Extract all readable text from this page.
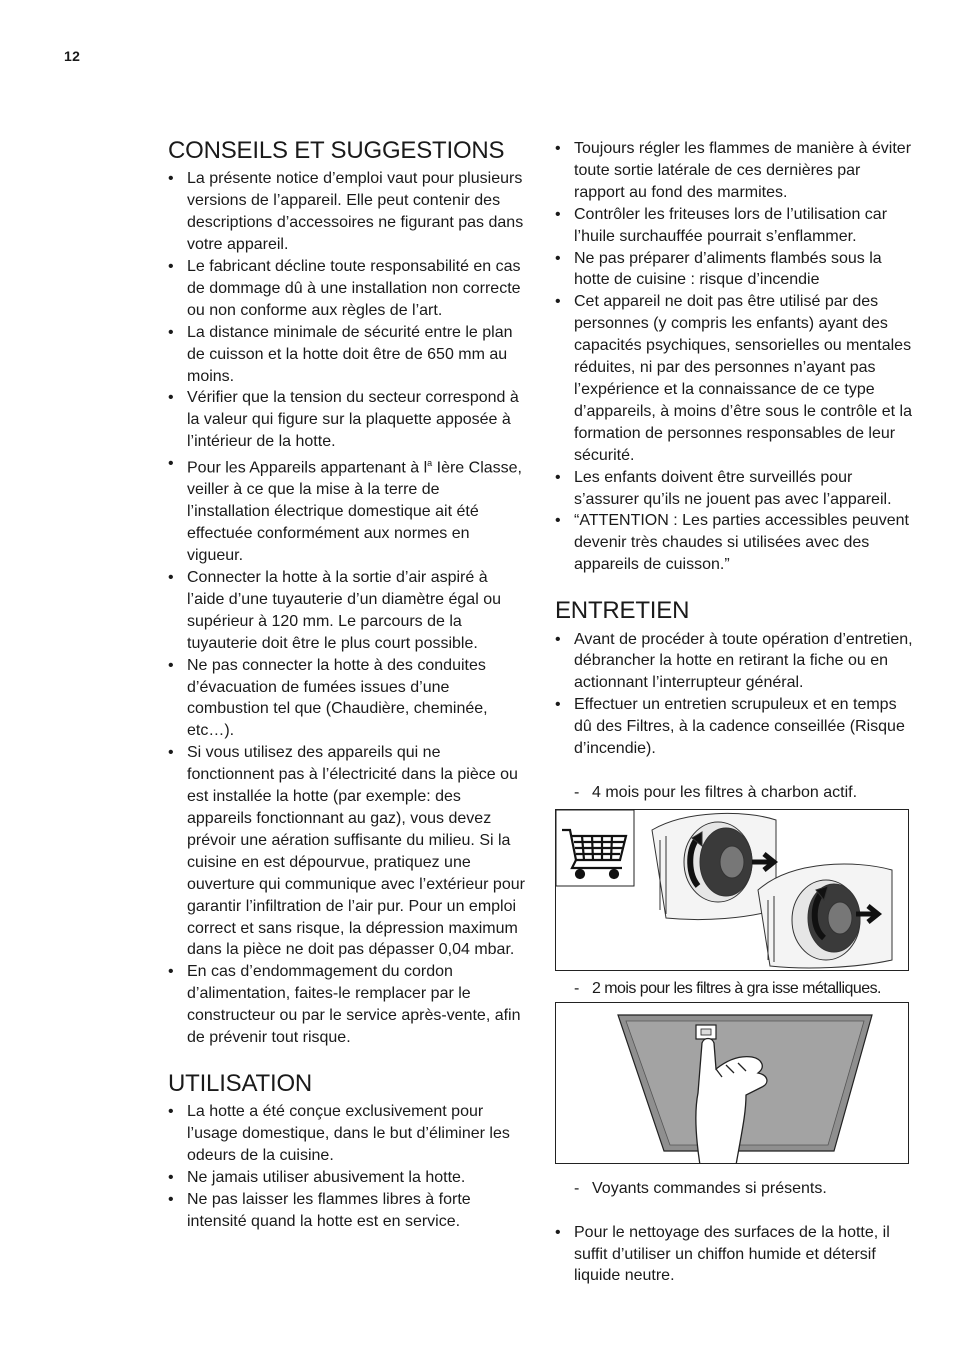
12
CONSEILS ET SUGGESTIONS
• La présente notice d’emploi vaut pour plusieurs versions de l’appareil. Elle peut contenir des descriptions d’accessoires ne figurant pas dans votre appareil.
• Le fabricant décline toute responsabilité en cas de dommage dû à une installation non correcte ou non conforme aux règles de l’art.
• La distance minimale de sécurité entre le plan de cuisson et la hotte doit être de 650 mm au moins.
• Vérifier que la tension du secteur correspond à la valeur qui figure sur la plaquette apposée à l’intérieur de la hotte.
• Pour les Appareils appartenant à $l^a$ Ière Classe, veiller à ce que la mise à la terre de l’installation électrique domestique ait été effectuée conformément aux normes en vigueur.
• Connecter la hotte à la sortie d’air aspiré à l’aide d’une tuyauterie d’un diamètre égal ou supérieur à 120 mm. Le parcours de la tuyauterie doit être le plus court possible.
• Ne pas connecter la hotte à des conduites d’évacuation de fumées issues d’une combustion tel que (Chaudière, cheminée, etc…).
• Si vous utilisez des appareils qui ne fonctionnent pas à l’électricité dans la pièce ou est installée la hotte (par exemple: des appareils fonctionnant au gaz), vous devez prévoir une aération suffisante du milieu. Si la cuisine en est dépourvue, pratiquez une ouverture qui communique avec l’extérieur pour garantir l’infiltration de l’air pur. Pour un emploi correct et sans risque, la dépression maximum dans la pièce ne doit pas dépasser 0,04 mbar.
• En cas d’endommagement du cordon d’alimentation, faites-le remplacer par le constructeur ou par le service après-vente, afin de prévenir tout risque.
UTILISATION
• La hotte a été conçue exclusivement pour l’usage domestique, dans le but d’éliminer les odeurs de la cuisine.
• Ne jamais utiliser abusivement la hotte.
• Ne pas laisser les flammes libres à forte intensité quand la hotte est en service.
• Toujours régler les flammes de manière à éviter toute sortie latérale de ces dernières par rapport au fond des marmites.
• Contrôler les friteuses lors de l’utilisation car l’huile surchauffée pourrait s’enflammer.
• Ne pas préparer d’aliments flambés sous la hotte de cuisine : risque d’incendie
• Cet appareil ne doit pas être utilisé par des personnes (y compris les enfants) ayant des capacités psychiques, sensorielles ou mentales réduites, ni par des personnes n’ayant pas l’expérience et la connaissance de ce type d’appareils, à moins d’être sous le contrôle et la formation de personnes responsables de leur sécurité.
• Les enfants doivent être surveillés pour s’assurer qu’ils ne jouent pas avec l’appareil.
• “ATTENTION : Les parties accessibles peuvent devenir très chaudes si utilisées avec des appareils de cuisson.”
ENTRETIEN
• Avant de procéder à toute opération d’entretien, débrancher la hotte en retirant la fiche ou en actionnant l’interrupteur général.
• Effectuer un entretien scrupuleux et en temps dû des Filtres, à la cadence conseillée (Risque d’incendie).
- 4 mois pour les filtres à charbon actif.
- 2 mois pour les filtres à gra isse métalliques.
- Voyants commandes si présents.
• Pour le nettoyage des surfaces de la hotte, il suffit d’utiliser un chiffon humide et détersif liquide neutre.
